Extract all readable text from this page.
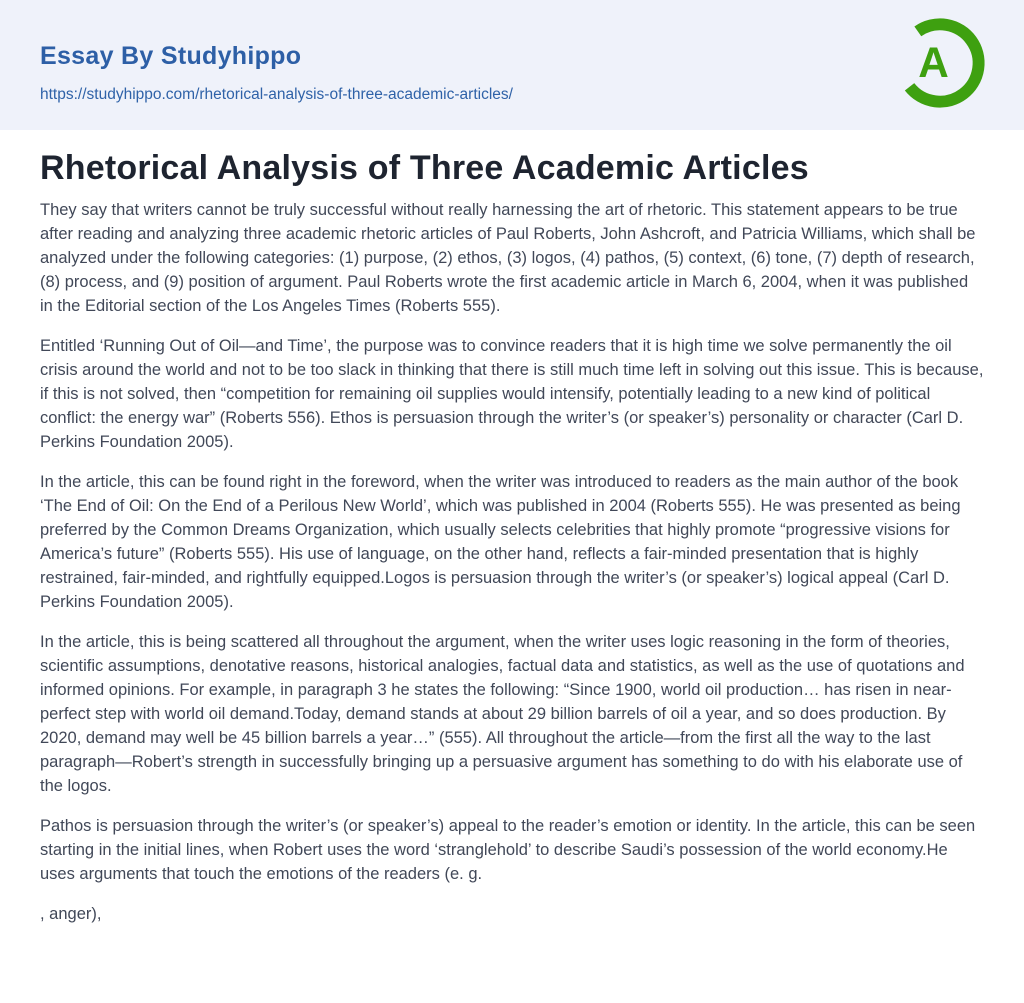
Essay By Studyhippo
https://studyhippo.com/rhetorical-analysis-of-three-academic-articles/
A
Rhetorical Analysis of Three Academic Articles

They say that writers cannot be truly successful without really harnessing the art of rhetoric. This statement appears to be true after reading and analyzing three academic rhetoric articles of Paul Roberts, John Ashcroft, and Patricia Williams, which shall be analyzed under the following categories: (1) purpose, (2) ethos, (3) logos, (4) pathos, (5) context, (6) tone, (7) depth of research, (8) process, and (9) position of argument. Paul Roberts wrote the first academic article in March 6, 2004, when it was published in the Editorial section of the Los Angeles Times (Roberts 555).

Entitled ‘Running Out of Oil—and Time’, the purpose was to convince readers that it is high time we solve permanently the oil crisis around the world and not to be too slack in thinking that there is still much time left in solving out this issue. This is because, if this is not solved, then “competition for remaining oil supplies would intensify, potentially leading to a new kind of political conflict: the energy war” (Roberts 556). Ethos is persuasion through the writer’s (or speaker’s) personality or character (Carl D. Perkins Foundation 2005).

In the article, this can be found right in the foreword, when the writer was introduced to readers as the main author of the book ‘The End of Oil: On the End of a Perilous New World’, which was published in 2004 (Roberts 555). He was presented as being preferred by the Common Dreams Organization, which usually selects celebrities that highly promote “progressive visions for America’s future” (Roberts 555). His use of language, on the other hand, reflects a fair-minded presentation that is highly restrained, fair-minded, and rightfully equipped.Logos is persuasion through the writer’s (or speaker’s) logical appeal (Carl D. Perkins Foundation 2005).

In the article, this is being scattered all throughout the argument, when the writer uses logic reasoning in the form of theories, scientific assumptions, denotative reasons, historical analogies, factual data and statistics, as well as the use of quotations and informed opinions. For example, in paragraph 3 he states the following: “Since 1900, world oil production… has risen in near-perfect step with world oil demand.Today, demand stands at about 29 billion barrels of oil a year, and so does production. By 2020, demand may well be 45 billion barrels a year…” (555). All throughout the article—from the first all the way to the last paragraph—Robert’s strength in successfully bringing up a persuasive argument has something to do with his elaborate use of the logos.

Pathos is persuasion through the writer’s (or speaker’s) appeal to the reader’s emotion or identity. In the article, this can be seen starting in the initial lines, when Robert uses the word ‘stranglehold’ to describe Saudi’s possession of the world economy.He uses arguments that touch the emotions of the readers (e. g.

, anger),
